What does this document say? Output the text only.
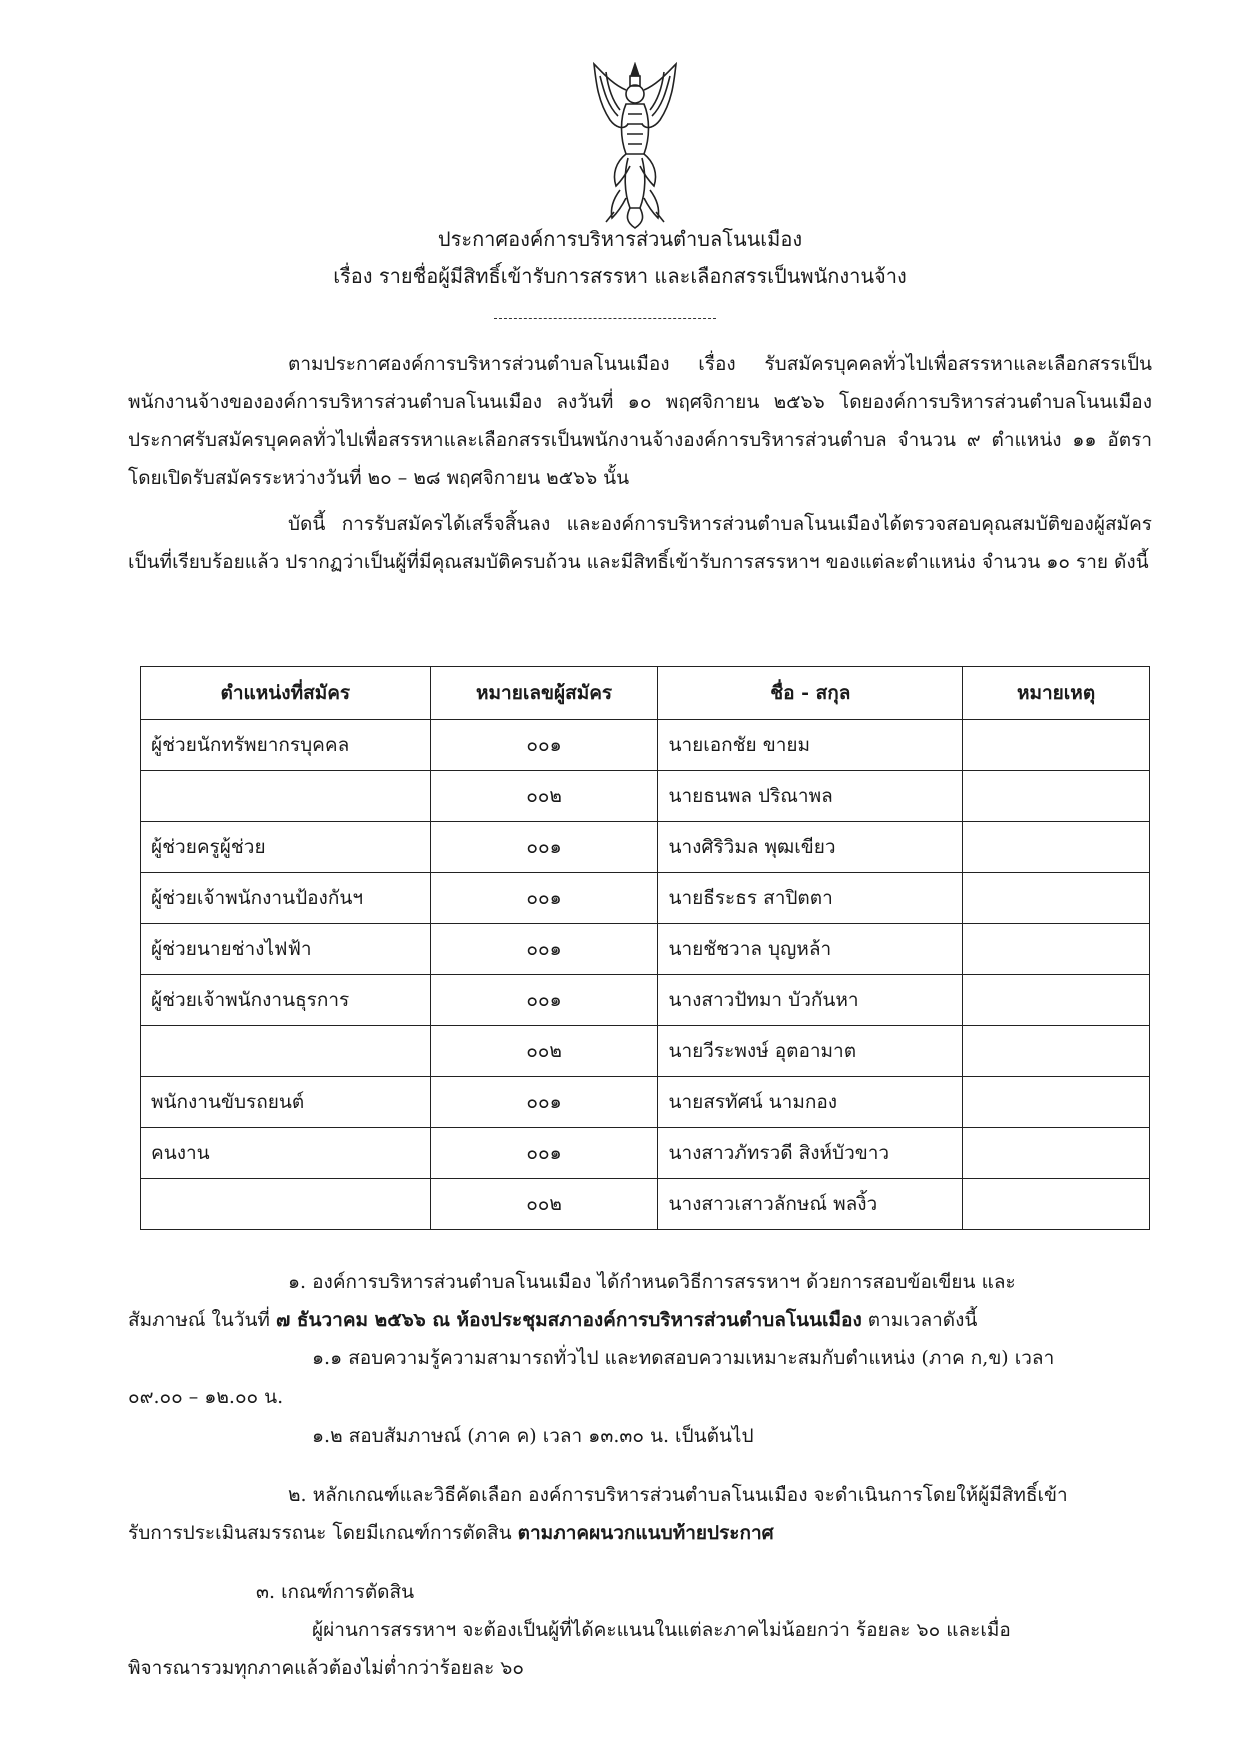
ประกาศองค์การบริหารส่วนตำบลโนนเมือง
เรื่อง รายชื่อผู้มีสิทธิ์เข้ารับการสรรหา และเลือกสรรเป็นพนักงานจ้าง

ตามประกาศองค์การบริหารส่วนตำบลโนนเมือง เรื่อง รับสมัครบุคคลทั่วไปเพื่อสรรหาและเลือกสรรเป็นพนักงานจ้างขององค์การบริหารส่วนตำบลโนนเมือง ลงวันที่ ๑๐ พฤศจิกายน ๒๕๖๖ โดยองค์การบริหารส่วนตำบลโนนเมือง ประกาศรับสมัครบุคคลทั่วไปเพื่อสรรหาและเลือกสรรเป็นพนักงานจ้างองค์การบริหารส่วนตำบล จำนวน ๙ ตำแหน่ง ๑๑ อัตรา โดยเปิดรับสมัครระหว่างวันที่ ๒๐ – ๒๘ พฤศจิกายน ๒๕๖๖ นั้น

บัดนี้ การรับสมัครได้เสร็จสิ้นลง และองค์การบริหารส่วนตำบลโนนเมืองได้ตรวจสอบคุณสมบัติของผู้สมัครเป็นที่เรียบร้อยแล้ว ปรากฏว่าเป็นผู้ที่มีคุณสมบัติครบถ้วน และมีสิทธิ์เข้ารับการสรรหาฯ ของแต่ละตำแหน่ง จำนวน ๑๐ ราย ดังนี้

ตำแหน่งที่สมัคร	หมายเลขผู้สมัคร	ชื่อ - สกุล	หมายเหตุ
ผู้ช่วยนักทรัพยากรบุคคล	๐๐๑	นายเอกชัย ขายม	
	๐๐๒	นายธนพล ปริณาพล	
ผู้ช่วยครูผู้ช่วย	๐๐๑	นางศิริวิมล พุฒเขียว	
ผู้ช่วยเจ้าพนักงานป้องกันฯ	๐๐๑	นายธีระธร สาปิตตา	
ผู้ช่วยนายช่างไฟฟ้า	๐๐๑	นายชัชวาล บุญหล้า	
ผู้ช่วยเจ้าพนักงานธุรการ	๐๐๑	นางสาวปัทมา บัวกันหา	
	๐๐๒	นายวีระพงษ์ อุตอามาต	
พนักงานขับรถยนต์	๐๐๑	นายสรทัศน์ นามกอง	
คนงาน	๐๐๑	นางสาวภัทรวดี สิงห์บัวขาว	
	๐๐๒	นางสาวเสาวลักษณ์ พลงิ้ว	
๑. องค์การบริหารส่วนตำบลโนนเมือง ได้กำหนดวิธีการสรรหาฯ ด้วยการสอบข้อเขียน และ
สัมภาษณ์ ในวันที่ ๗ ธันวาคม ๒๕๖๖ ณ ห้องประชุมสภาองค์การบริหารส่วนตำบลโนนเมือง ตามเวลาดังนี้
๑.๑ สอบความรู้ความสามารถทั่วไป และทดสอบความเหมาะสมกับตำแหน่ง (ภาค ก,ข) เวลา
๐๙.๐๐ – ๑๒.๐๐ น.
๑.๒ สอบสัมภาษณ์ (ภาค ค) เวลา ๑๓.๓๐ น. เป็นต้นไป
๒. หลักเกณฑ์และวิธีคัดเลือก องค์การบริหารส่วนตำบลโนนเมือง จะดำเนินการโดยให้ผู้มีสิทธิ์เข้า
รับการประเมินสมรรถนะ โดยมีเกณฑ์การตัดสิน ตามภาคผนวกแนบท้ายประกาศ
๓. เกณฑ์การตัดสิน
ผู้ผ่านการสรรหาฯ จะต้องเป็นผู้ที่ได้คะแนนในแต่ละภาคไม่น้อยกว่า ร้อยละ ๖๐ และเมื่อ
พิจารณารวมทุกภาคแล้วต้องไม่ต่ำกว่าร้อยละ ๖๐
